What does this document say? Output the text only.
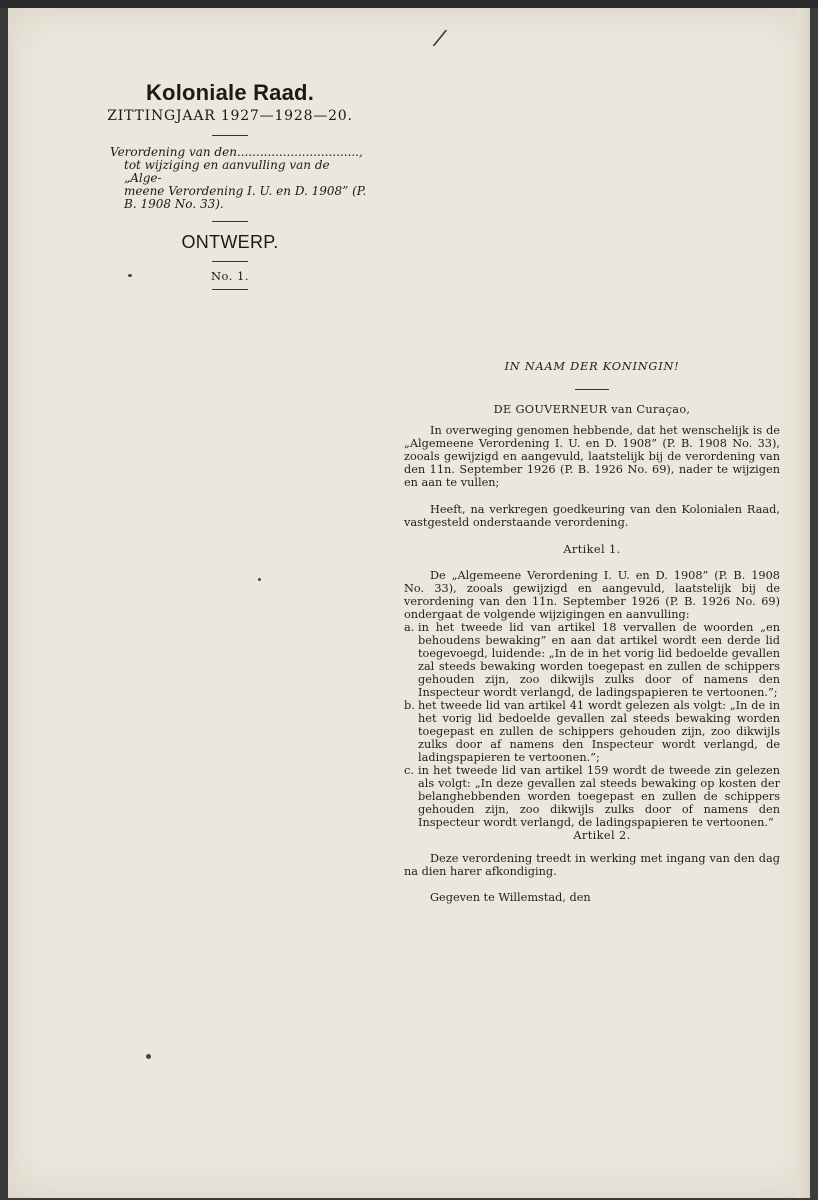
/
Koloniale Raad.
ZITTINGJAAR 1927—1928—20.
Verordening van den................................,
tot wijziging en aanvulling van de „Alge-
meene Verordening I. U. en D. 1908” (P.
B. 1908 No. 33).
ONTWERP.
No. 1.
IN NAAM DER KONINGIN!
DE GOUVERNEUR van Curaçao,

In overweging genomen hebbende, dat het wenschelijk is de „Algemeene Verordening I. U. en D. 1908” (P. B. 1908 No. 33), zooals gewijzigd en aangevuld, laatstelijk bij de verordening van den 11n. September 1926 (P. B. 1926 No. 69), nader te wijzigen en aan te vullen;

Heeft, na verkregen goedkeuring van den Kolonialen Raad, vastgesteld onderstaande verordening.

Artikel 1.

De „Algemeene Verordening I. U. en D. 1908” (P. B. 1908 No. 33), zooals gewijzigd en aangevuld, laatstelijk bij de verordening van den 11n. September 1926 (P. B. 1926 No. 69) ondergaat de volgende wijzigingen en aanvulling:

a. in het tweede lid van artikel 18 vervallen de woorden „en behoudens bewaking” en aan dat artikel wordt een derde lid toegevoegd, luidende: „In de in het vorig lid bedoelde gevallen zal steeds bewaking worden toegepast en zullen de schippers gehouden zijn, zoo dikwijls zulks door of namens den Inspecteur wordt verlangd, de ladingspapieren te vertoonen.”;
b. het tweede lid van artikel 41 wordt gelezen als volgt: „In de in het vorig lid bedoelde gevallen zal steeds bewaking worden toegepast en zullen de schippers gehouden zijn, zoo dikwijls zulks door af namens den Inspecteur wordt verlangd, de ladingspapieren te vertoonen.”;
c. in het tweede lid van artikel 159 wordt de tweede zin gelezen als volgt: „In deze gevallen zal steeds bewaking op kosten der belanghebbenden worden toegepast en zullen de schippers gehouden zijn, zoo dikwijls zulks door of namens den Inspecteur wordt verlangd, de ladingspapieren te vertoonen.”
Artikel 2.

Deze verordening treedt in werking met ingang van den dag na dien harer afkondiging.

Gegeven te Willemstad, den
